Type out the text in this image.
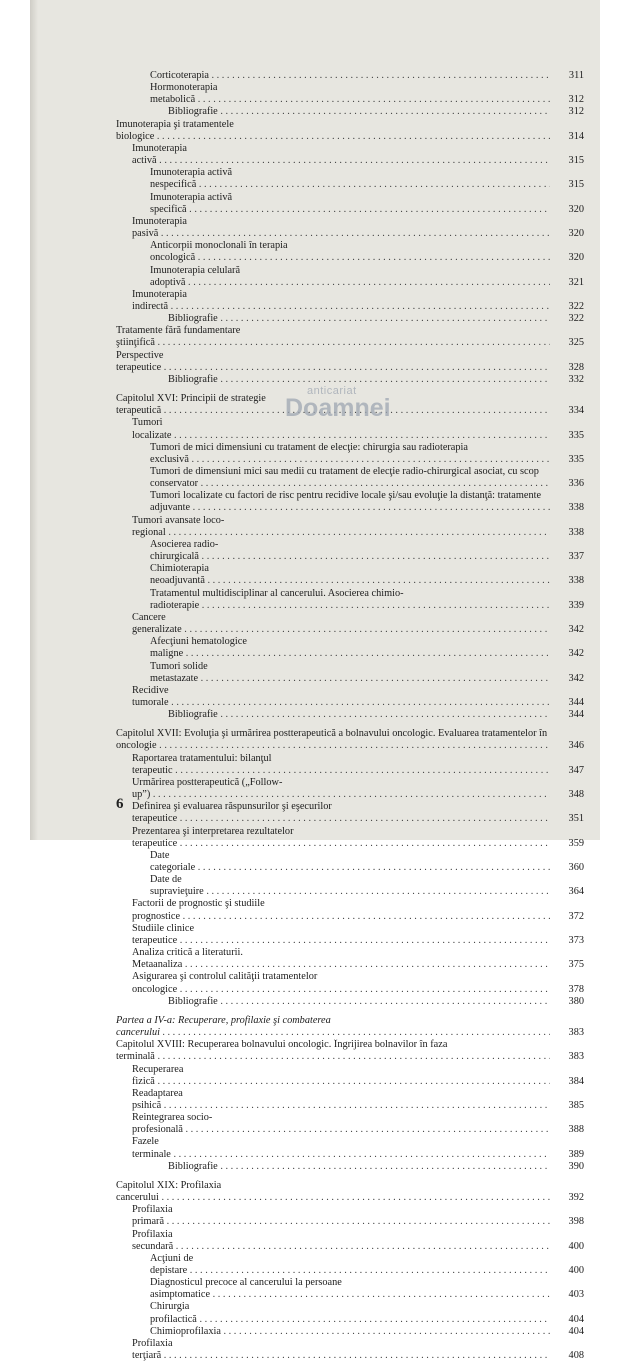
Corticoterapia . . .	311
Hormonoterapia metabolică . . .	312
Bibliografie . . .	312
Imunoterapia şi tratamentele biologice . . .	314
Imunoterapia activă . . .	315
Imunoterapia activă nespecifică . . .	315
Imunoterapia activă specifică . . .	320
Imunoterapia pasivă . . .	320
Anticorpii monoclonali în terapia oncologică . . .	320
Imunoterapia celulară adoptivă . . .	321
Imunoterapia indirectă . . .	322
Bibliografie . . .	322
Tratamente fără fundamentare ştiinţifică . . .	325
Perspective terapeutice . . .	328
Bibliografie . . .	332
Capitolul XVI: Principii de strategie terapeutică . . .	334
Tumori localizate . . .	335
Tumori de mici dimensiuni cu tratament de elecţie: chirurgia sau radioterapia exclusivă . . .	335
Tumori de dimensiuni mici sau medii cu tratament de elecţie radio-chirurgical asociat, cu scop conservator . . .	336
Tumori localizate cu factori de risc pentru recidive locale şi/sau evoluţie la distanţă: tratamente adjuvante . . .	338
Tumori avansate loco-regional . . .	338
Asocierea radio-chirurgicală . . .	337
Chimioterapia neoadjuvantă . . .	338
Tratamentul multidisciplinar al cancerului. Asocierea chimio-radioterapie . . .	339
Cancere generalizate . . .	342
Afecţiuni hematologice maligne . . .	342
Tumori solide metastazate . . .	342
Recidive tumorale . . .	344
Bibliografie . . .	344
Capitolul XVII: Evoluţia şi urmărirea postterapeutică a bolnavului oncologic. Evaluarea tratamentelor în oncologie . . .	346
Raportarea tratamentului: bilanţul terapeutic . . .	347
Urmărirea postterapeutică („Follow-up”) . . .	348
Definirea şi evaluarea răspunsurilor şi eşecurilor terapeutice . . .	351
Prezentarea şi interpretarea rezultatelor terapeutice . . .	359
Date categoriale . . .	360
Date de supravieţuire . . .	364
Factorii de prognostic şi studiile prognostice . . .	372
Studiile clinice terapeutice . . .	373
Analiza critică a literaturii. Metaanaliza . . .	375
Asigurarea şi controlul calităţii tratamentelor oncologice . . .	378
Bibliografie . . .	380
Partea a IV-a: Recuperare, profilaxie şi combaterea cancerului . . .	383
Capitolul XVIII: Recuperarea bolnavului oncologic. Îngrijirea bolnavilor în faza terminală . . .	383
Recuperarea fizică . . .	384
Readaptarea psihică . . .	385
Reintegrarea socio-profesională . . .	388
Fazele terminale . . .	389
Bibliografie . . .	390
Capitolul XIX: Profilaxia cancerului . . .	392
Profilaxia primară . . .	398
Profilaxia secundară . . .	400
Acţiuni de depistare . . .	400
Diagnosticul precoce al cancerului la persoane asimptomatice . . .	403
Chirurgia profilactică . . .	404
Chimioprofilaxia . . .	404
Profilaxia terţiară . . .	408
anticariat
Doamnei
6
